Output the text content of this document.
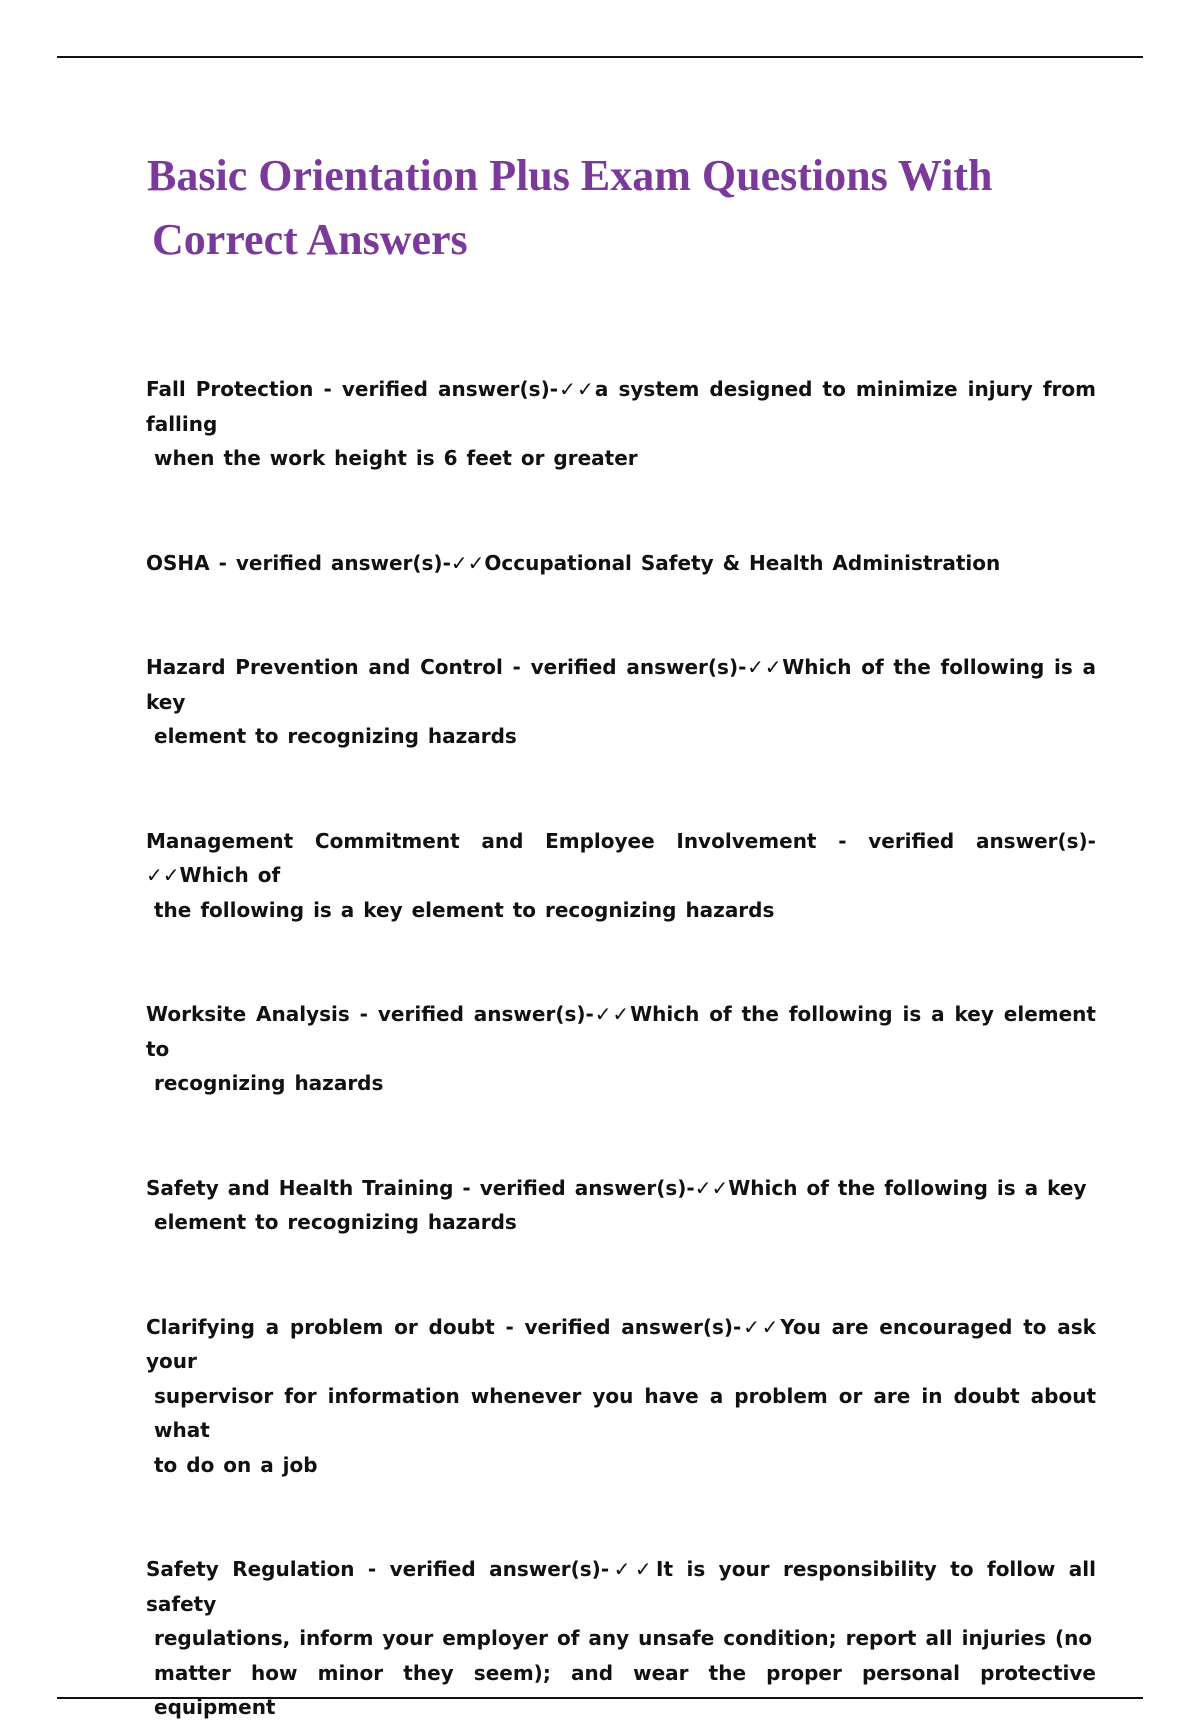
Basic Orientation Plus Exam Questions With
Correct Answers

Fall Protection - verified answer(s)-✓✓a system designed to minimize injury from falling
when the work height is 6 feet or greater

OSHA - verified answer(s)-✓✓Occupational Safety & Health Administration

Hazard Prevention and Control - verified answer(s)-✓✓Which of the following is a key
element to recognizing hazards

Management Commitment and Employee Involvement - verified answer(s)-✓✓Which of
the following is a key element to recognizing hazards

Worksite Analysis - verified answer(s)-✓✓Which of the following is a key element to
recognizing hazards

Safety and Health Training - verified answer(s)-✓✓Which of the following is a key
element to recognizing hazards

Clarifying a problem or doubt - verified answer(s)-✓✓You are encouraged to ask your
supervisor for information whenever you have a problem or are in doubt about what
to do on a job

Safety Regulation - verified answer(s)-✓✓It is your responsibility to follow all safety
regulations, inform your employer of any unsafe condition; report all injuries (no
matter how minor they seem); and wear the proper personal protective equipment
